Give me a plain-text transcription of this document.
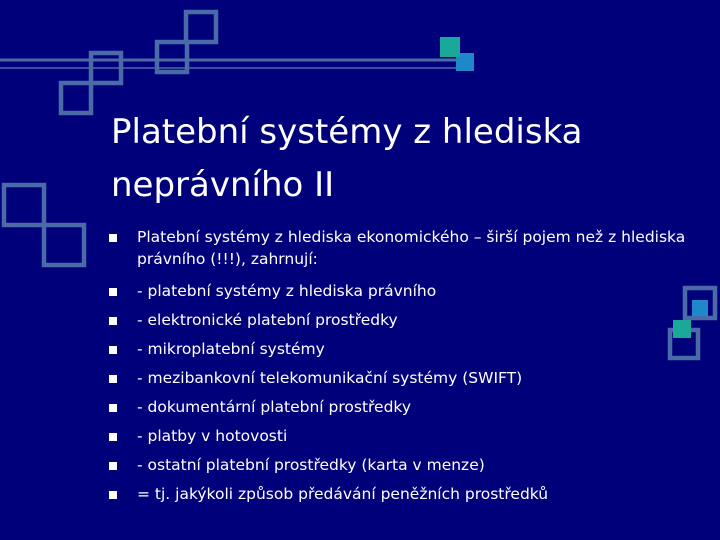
Platební systémy z hlediska
neprávního II
Platební systémy z hlediska ekonomického – širší pojem než z hlediska právního (!!!), zahrnují:
- platební systémy z hlediska právního
- elektronické platební prostředky
- mikroplatební systémy
- mezibankovní telekomunikační systémy (SWIFT)
- dokumentární platební prostředky
- platby v hotovosti
- ostatní platební prostředky (karta v menze)
= tj. jakýkoli způsob předávání peněžních prostředků
